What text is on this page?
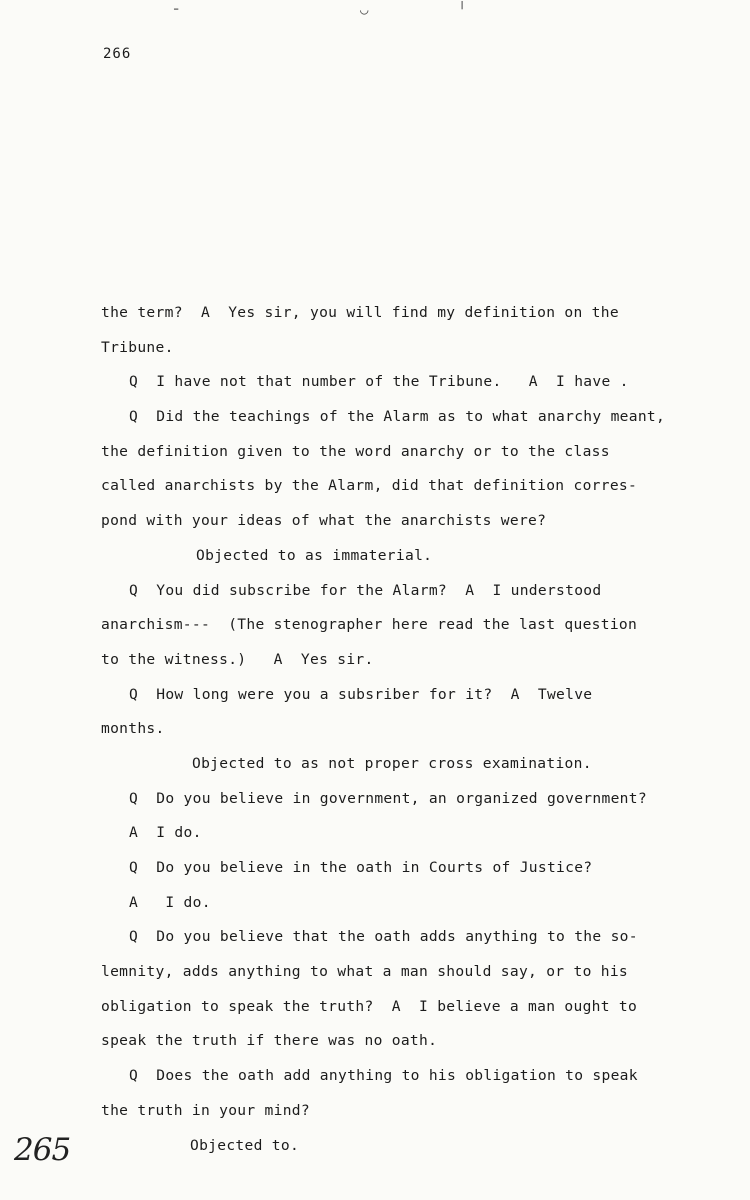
╴	◡	╵
266
the term?  A  Yes sir, you will find my definition on the
Tribune.
Q  I have not that number of the Tribune.   A  I have .
Q  Did the teachings of the Alarm as to what anarchy meant,
the definition given to the word anarchy or to the class
called anarchists by the Alarm, did that definition corres-
pond with your ideas of what the anarchists were?
Objected to as immaterial.
Q  You did subscribe for the Alarm?  A  I understood
anarchism---  (The stenographer here read the last question
to the witness.)   A  Yes sir.
Q  How long were you a subsriber for it?  A  Twelve
months.
Objected to as not proper cross examination.
Q  Do you believe in government, an organized government?
A  I do.
Q  Do you believe in the oath in Courts of Justice?
A   I do.
Q  Do you believe that the oath adds anything to the so-
lemnity, adds anything to what a man should say, or to his
obligation to speak the truth?  A  I believe a man ought to
speak the truth if there was no oath.
Q  Does the oath add anything to his obligation to speak
the truth in your mind?
Objected to.
265
